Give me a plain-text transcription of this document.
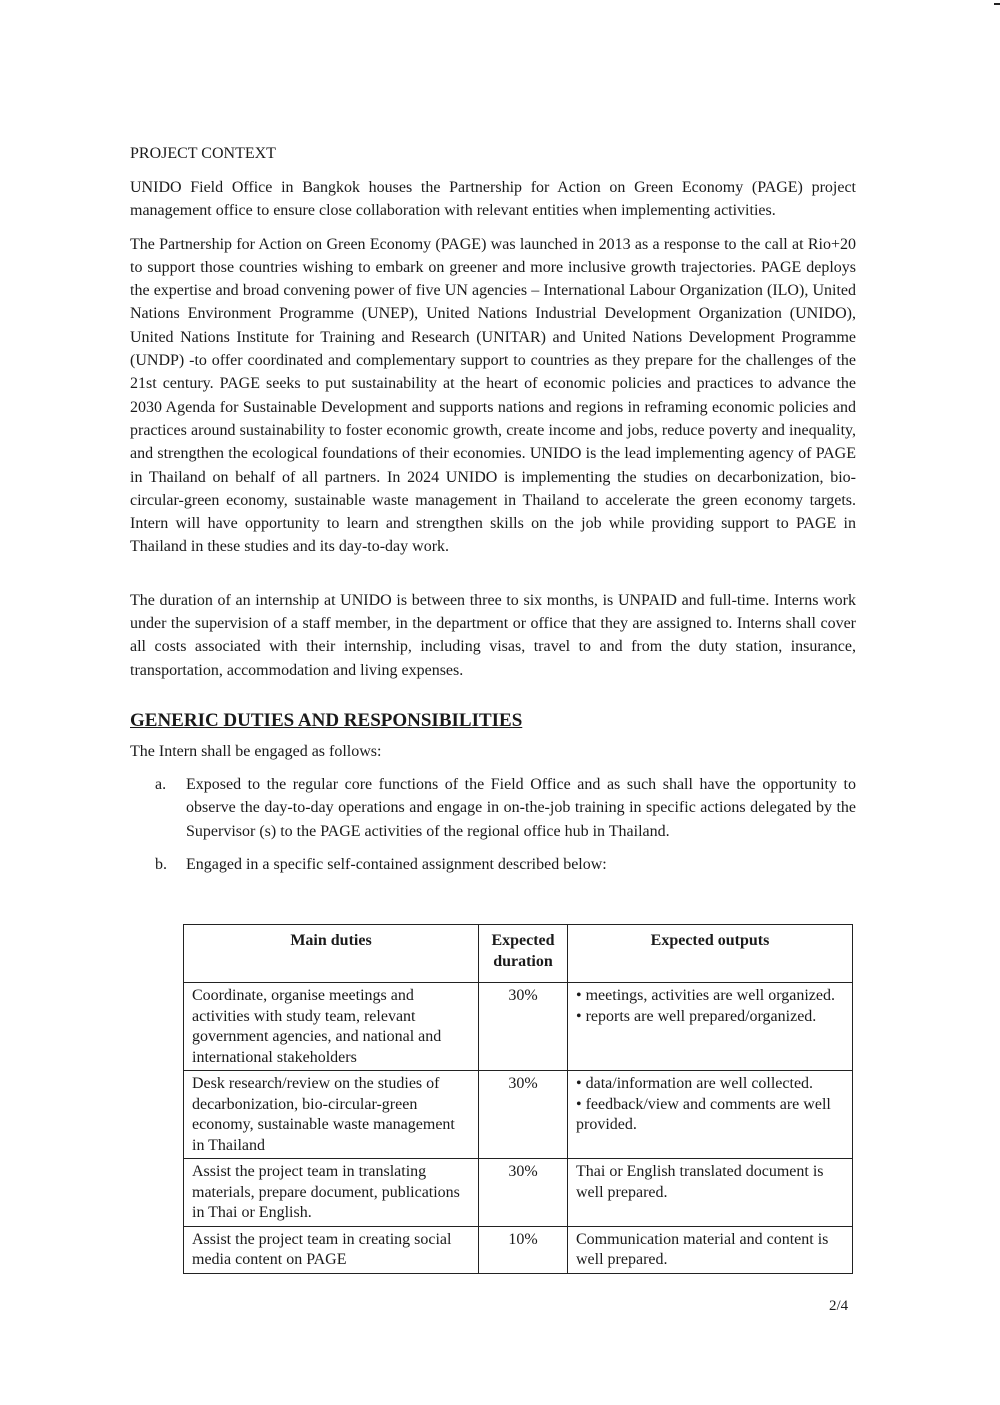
PROJECT CONTEXT

UNIDO Field Office in Bangkok houses the Partnership for Action on Green Economy (PAGE) project management office to ensure close collaboration with relevant entities when implementing activities.

The Partnership for Action on Green Economy (PAGE) was launched in 2013 as a response to the call at Rio+20 to support those countries wishing to embark on greener and more inclusive growth trajectories. PAGE deploys the expertise and broad convening power of five UN agencies – International Labour Organization (ILO), United Nations Environment Programme (UNEP), United Nations Industrial Development Organization (UNIDO), United Nations Institute for Training and Research (UNITAR) and United Nations Development Programme (UNDP) -to offer coordinated and complementary support to countries as they prepare for the challenges of the 21st century. PAGE seeks to put sustainability at the heart of economic policies and practices to advance the 2030 Agenda for Sustainable Development and supports nations and regions in reframing economic policies and practices around sustainability to foster economic growth, create income and jobs, reduce poverty and inequality, and strengthen the ecological foundations of their economies. UNIDO is the lead implementing agency of PAGE in Thailand on behalf of all partners. In 2024 UNIDO is implementing the studies on decarbonization, bio-circular-green economy, sustainable waste management in Thailand to accelerate the green economy targets. Intern will have opportunity to learn and strengthen skills on the job while providing support to PAGE in Thailand in these studies and its day-to-day work.

The duration of an internship at UNIDO is between three to six months, is UNPAID and full-time. Interns work under the supervision of a staff member, in the department or office that they are assigned to. Interns shall cover all costs associated with their internship, including visas, travel to and from the duty station, insurance, transportation, accommodation and living expenses.

GENERIC DUTIES AND RESPONSIBILITIES

The Intern shall be engaged as follows:

a.	Exposed to the regular core functions of the Field Office and as such shall have the opportunity to observe the day-to-day operations and engage in on-the-job training in specific actions delegated by the Supervisor (s) to the PAGE activities of the regional office hub in Thailand.
b.	Engaged in a specific self-contained assignment described below:
Main duties	Expected duration	Expected outputs
Coordinate, organise meetings and activities with study team, relevant government agencies, and national and international stakeholders	30%	• meetings, activities are well organized.
• reports are well prepared/organized.

Desk research/review on the studies of decarbonization, bio-circular-green economy, sustainable waste management in Thailand	30%	• data/information are well collected.
• feedback/view and comments are well provided.

Assist the project team in translating materials, prepare document, publications in Thai or English.	30%	Thai or English translated document is well prepared.

Assist the project team in creating social media content on PAGE	10%	Communication material and content is well prepared.
2/4
